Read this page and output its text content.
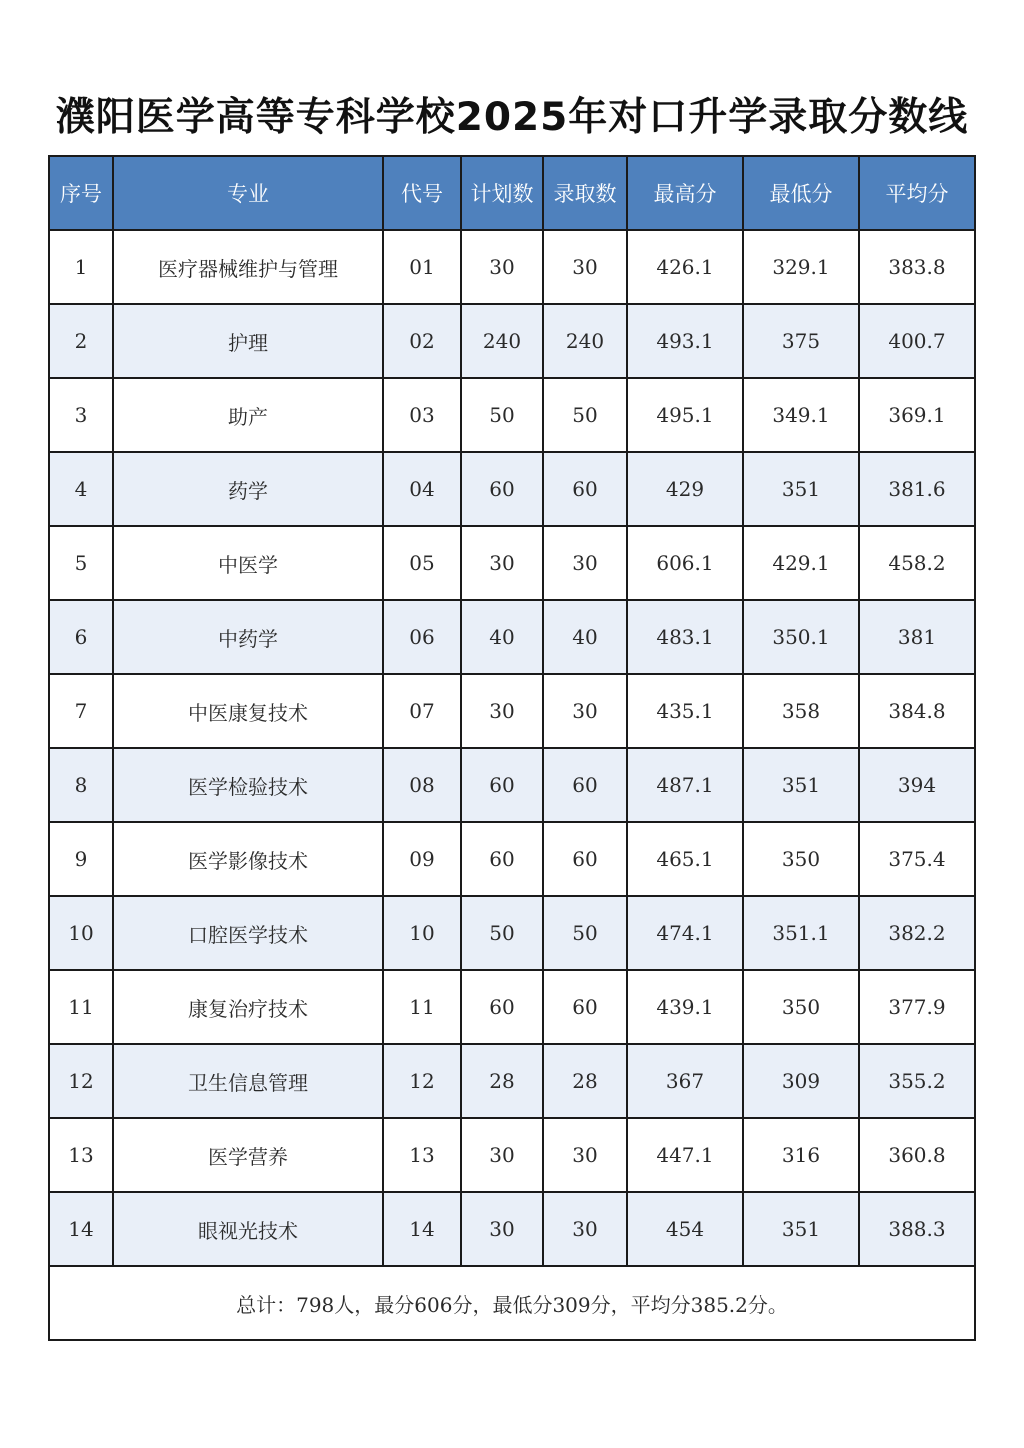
濮阳医学高等专科学校2025年对口升学录取分数线
序号	专业	代号	计划数	录取数	最高分	最低分	平均分
1	医疗器械维护与管理	01	30	30	426.1	329.1	383.8
2	护理	02	240	240	493.1	375	400.7
3	助产	03	50	50	495.1	349.1	369.1
4	药学	04	60	60	429	351	381.6
5	中医学	05	30	30	606.1	429.1	458.2
6	中药学	06	40	40	483.1	350.1	381
7	中医康复技术	07	30	30	435.1	358	384.8
8	医学检验技术	08	60	60	487.1	351	394
9	医学影像技术	09	60	60	465.1	350	375.4
10	口腔医学技术	10	50	50	474.1	351.1	382.2
11	康复治疗技术	11	60	60	439.1	350	377.9
12	卫生信息管理	12	28	28	367	309	355.2
13	医学营养	13	30	30	447.1	316	360.8
14	眼视光技术	14	30	30	454	351	388.3
总计：798人，最分606分，最低分309分，平均分385.2分。							
